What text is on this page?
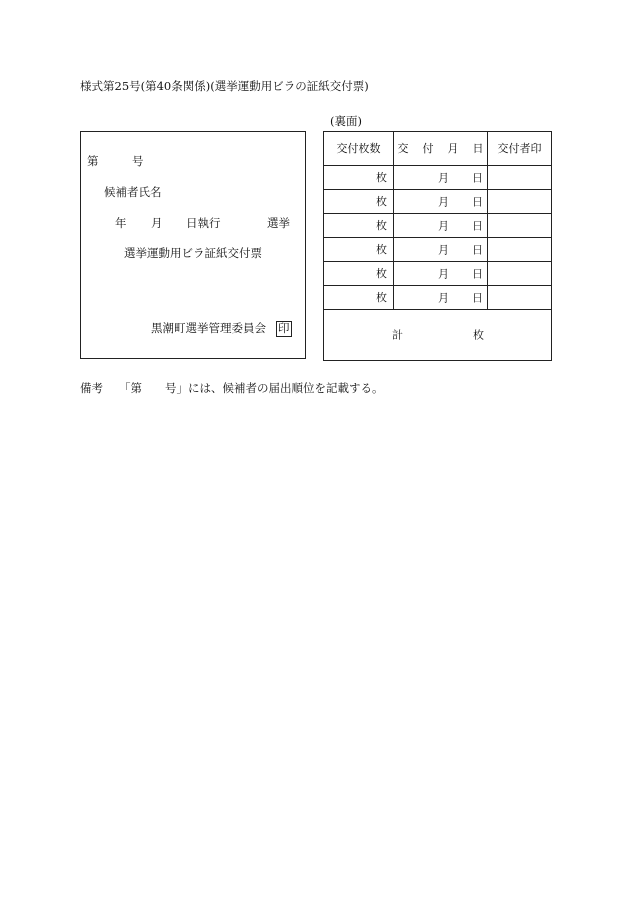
様式第25号(第40条関係)(選挙運動用ビラの証紙交付票)
第	号
候補者氏名
年 月 日執行	選挙
選挙運動用ビラ証紙交付票
黒潮町選挙管理委員会 印
(裏面)
交付枚数	交 付 月 日	交付者印
枚	月 日	

枚	月 日	

枚	月 日	

枚	月 日	

枚	月 日	

枚	月 日	

計 枚		
備考 「第　　号」には、候補者の届出順位を記載する。
